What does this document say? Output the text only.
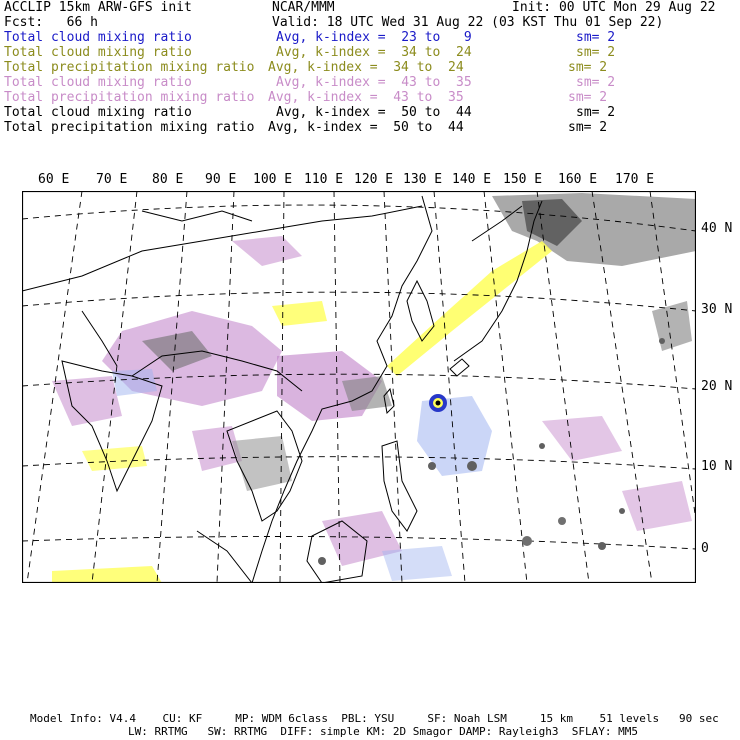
ACCLIP 15km ARW-GFS init	NCAR/MMM	Init: 00 UTC Mon 29 Aug 22
Fcst:   66 h	Valid: 18 UTC Wed 31 Aug 22 (03 KST Thu 01 Sep 22)
Total cloud mixing ratio	Avg, k-index =  23 to   9	sm= 2
Total cloud mixing ratio	Avg, k-index =  34 to  24	sm= 2
Total precipitation mixing ratio Avg, k-index =  34 to  24	sm= 2
Total cloud mixing ratio	Avg, k-index =  43 to  35	sm= 2
Total precipitation mixing ratio Avg, k-index =  43 to  35	sm= 2
Total cloud mixing ratio	Avg, k-index =  50 to  44	sm= 2
Total precipitation mixing ratio Avg, k-index =  50 to  44	sm= 2
60 E 70 E 80 E 90 E 100 E 110 E 120 E 130 E 140 E 150 E 160 E 170 E
40 N
30 N
20 N
10 N
0
Model Info: V4.4    CU: KF     MP: WDM 6class  PBL: YSU     SF: Noah LSM     15 km    51 levels   90 sec
LW: RRTMG   SW: RRTMG  DIFF: simple KM: 2D Smagor DAMP: Rayleigh3  SFLAY: MM5
